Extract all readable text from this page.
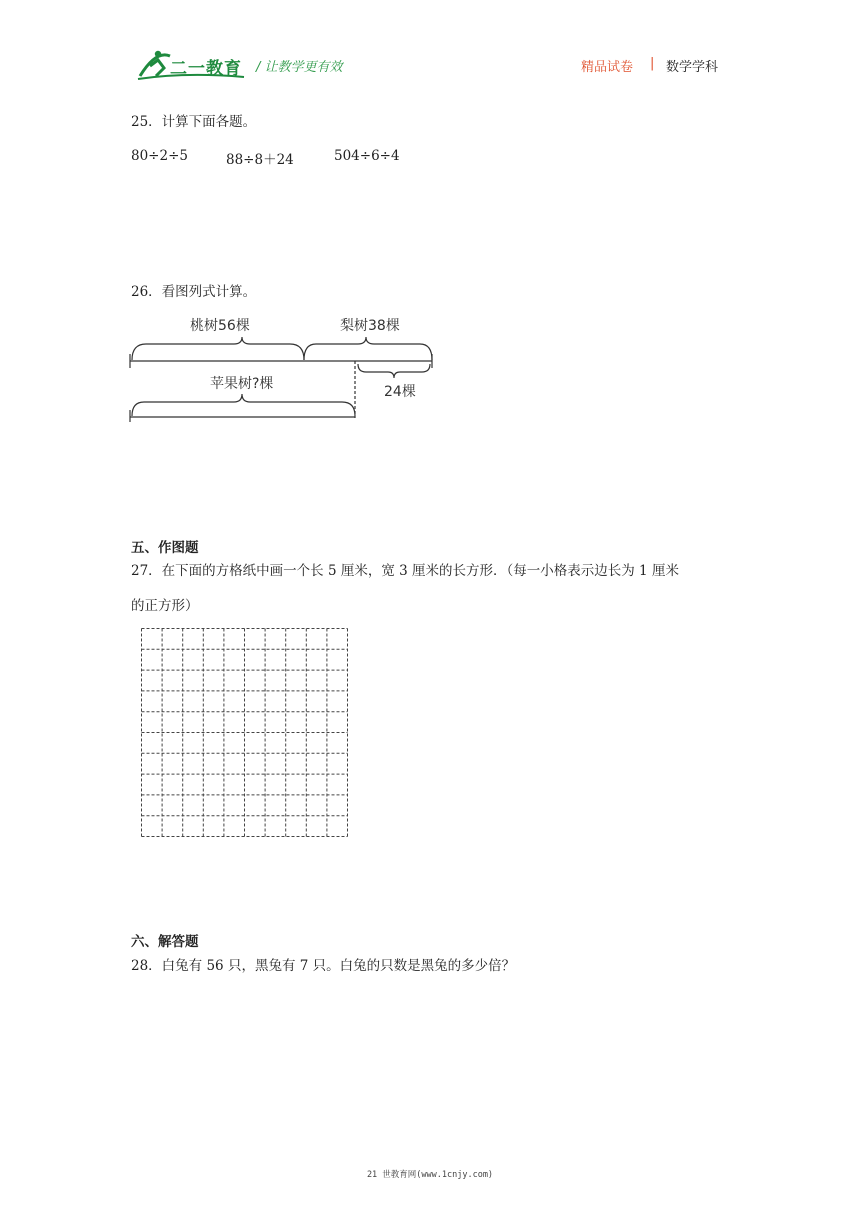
二一教育 / 让教学更有效	精品试卷 | 数学学科
25．计算下面各题。
80÷2÷5	88÷8＋24	504÷6÷4
26．看图列式计算。
桃树56棵	梨树38棵
苹果树?棵	24棵
五、作图题
27．在下面的方格纸中画一个长 5 厘米，宽 3 厘米的长方形．（每一小格表示边长为 1 厘米
的正方形）
六、解答题
28．白兔有 56 只，黑兔有 7 只。白兔的只数是黑兔的多少倍？
21 世教育网(www.1cnjy.com)
